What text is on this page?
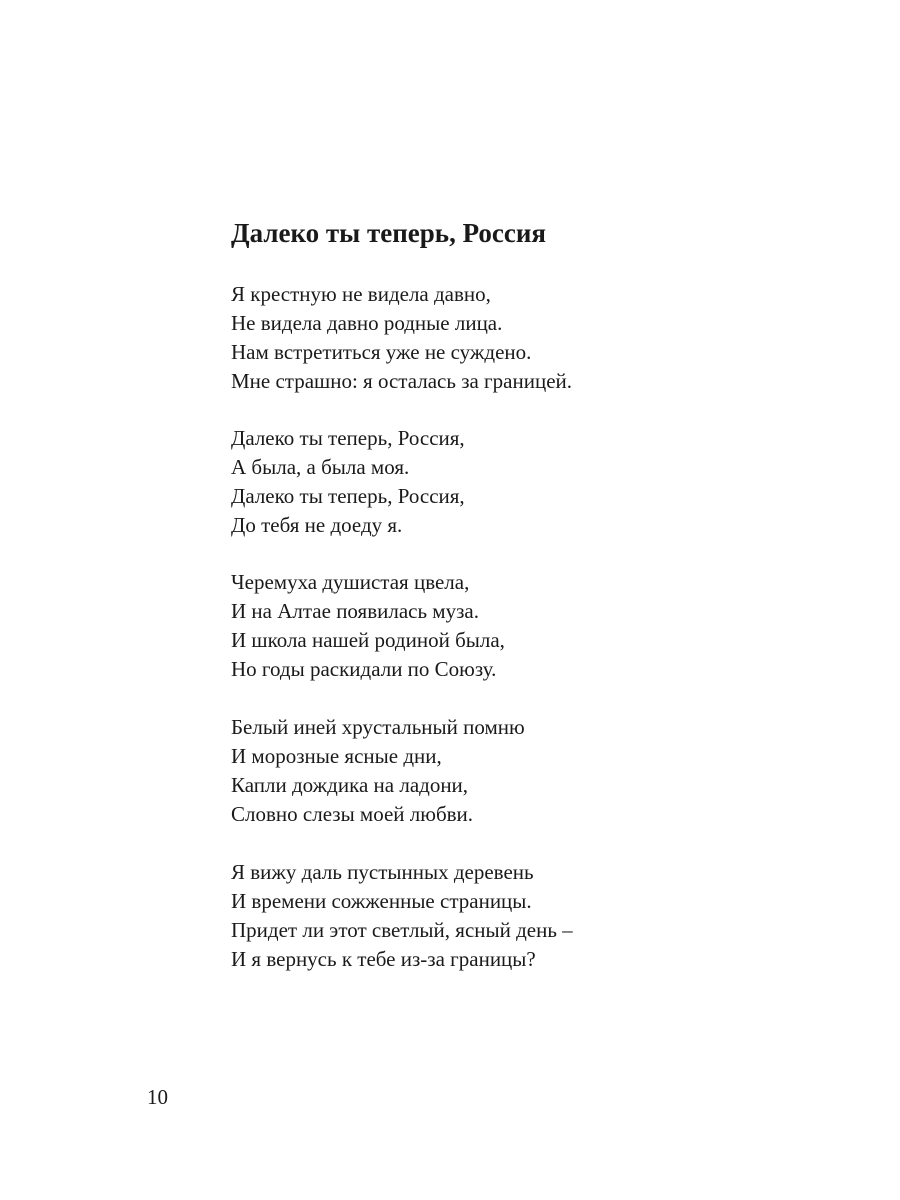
Далеко ты теперь, Россия
Я крестную не видела давно,
Не видела давно родные лица.
Нам встретиться уже не суждено.
Мне страшно: я осталась за границей.
Далеко ты теперь, Россия,
А была, а была моя.
Далеко ты теперь, Россия,
До тебя не доеду я.
Черемуха душистая цвела,
И на Алтае появилась муза.
И школа нашей родиной была,
Но годы раскидали по Союзу.
Белый иней хрустальный помню
И морозные ясные дни,
Капли дождика на ладони,
Словно слезы моей любви.
Я вижу даль пустынных деревень
И времени сожженные страницы.
Придет ли этот светлый, ясный день –
И я вернусь к тебе из-за границы?
10
